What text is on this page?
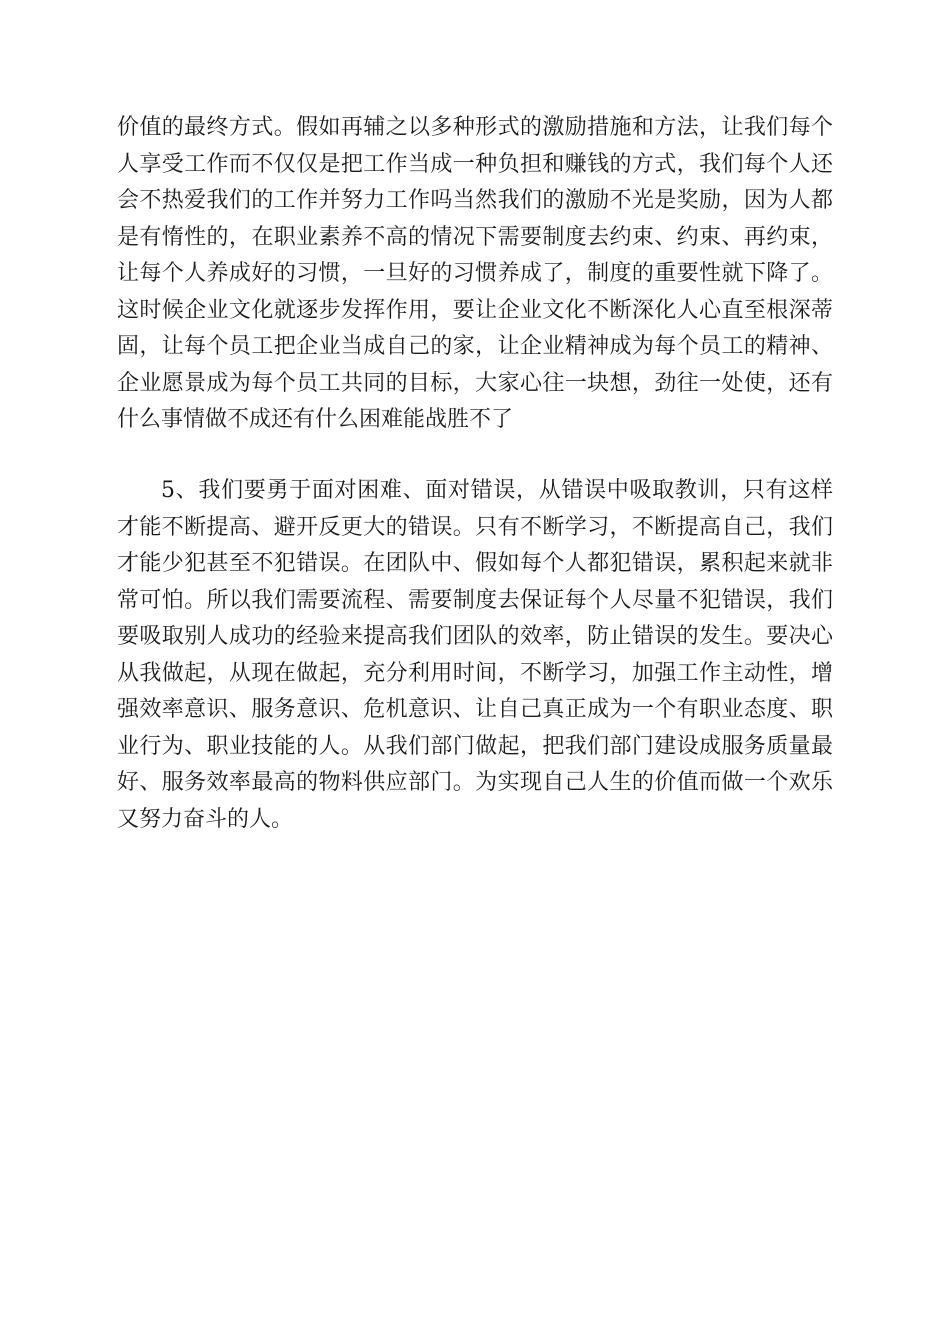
价值的最终方式。假如再辅之以多种形式的激励措施和方法，让我们每个
人享受工作而不仅仅是把工作当成一种负担和赚钱的方式，我们每个人还
会不热爱我们的工作并努力工作吗当然我们的激励不光是奖励，因为人都
是有惰性的，在职业素养不高的情况下需要制度去约束、约束、再约束，
让每个人养成好的习惯，一旦好的习惯养成了，制度的重要性就下降了。
这时候企业文化就逐步发挥作用，要让企业文化不断深化人心直至根深蒂
固，让每个员工把企业当成自己的家，让企业精神成为每个员工的精神、
企业愿景成为每个员工共同的目标，大家心往一块想，劲往一处使，还有
什么事情做不成还有什么困难能战胜不了
5、我们要勇于面对困难、面对错误，从错误中吸取教训，只有这样
才能不断提高、避开反更大的错误。只有不断学习，不断提高自己，我们
才能少犯甚至不犯错误。在团队中、假如每个人都犯错误，累积起来就非
常可怕。所以我们需要流程、需要制度去保证每个人尽量不犯错误，我们
要吸取别人成功的经验来提高我们团队的效率，防止错误的发生。要决心
从我做起，从现在做起，充分利用时间，不断学习，加强工作主动性，增
强效率意识、服务意识、危机意识、让自己真正成为一个有职业态度、职
业行为、职业技能的人。从我们部门做起，把我们部门建设成服务质量最
好、服务效率最高的物料供应部门。为实现自己人生的价值而做一个欢乐
又努力奋斗的人。
